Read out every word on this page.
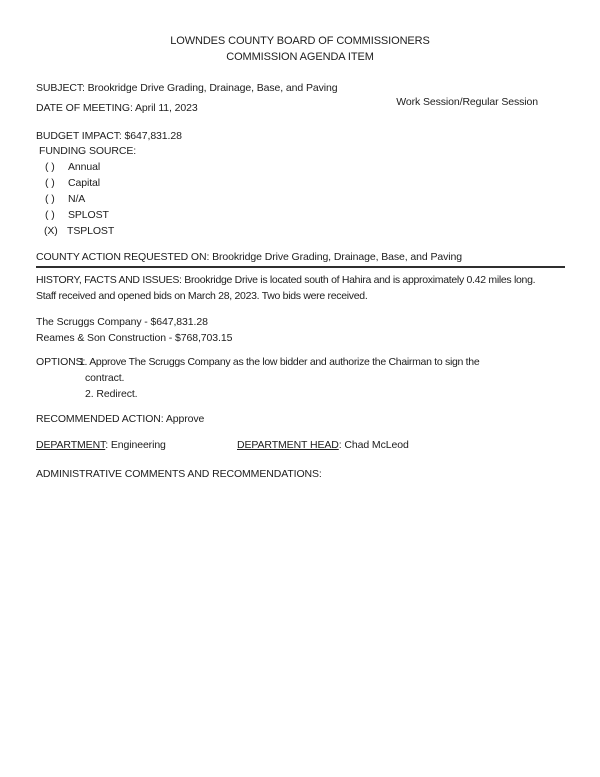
LOWNDES COUNTY BOARD OF COMMISSIONERS
COMMISSION AGENDA ITEM
SUBJECT: Brookridge Drive Grading, Drainage, Base, and Paving
Work Session/Regular Session
DATE OF MEETING: April 11, 2023
BUDGET IMPACT: $647,831.28
FUNDING SOURCE:
( ) Annual
( ) Capital
( ) N/A
( ) SPLOST
(X) TSPLOST
COUNTY ACTION REQUESTED ON: Brookridge Drive Grading, Drainage, Base, and Paving
HISTORY, FACTS AND ISSUES: Brookridge Drive is located south of Hahira and is approximately 0.42 miles long.
Staff received and opened bids on March 28, 2023. Two bids were received.
The Scruggs Company - $647,831.28
Reames & Son Construction - $768,703.15
OPTIONS:
1. Approve The Scruggs Company as the low bidder and authorize the Chairman to sign the
contract.
2. Redirect.
RECOMMENDED ACTION: Approve
DEPARTMENT: Engineering	DEPARTMENT HEAD: Chad McLeod
ADMINISTRATIVE COMMENTS AND RECOMMENDATIONS:
